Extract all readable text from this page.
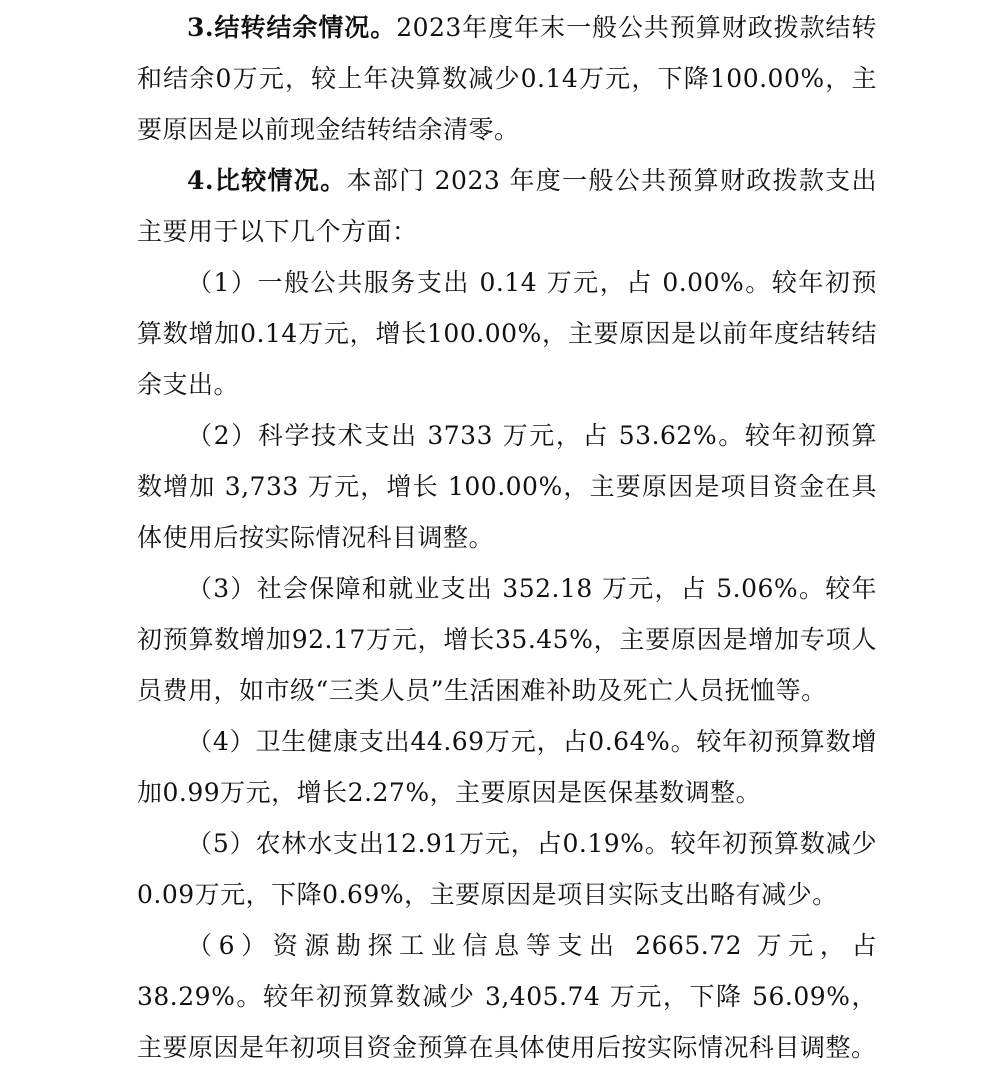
3.结转结余情况。2023年度年末一般公共预算财政拨款结转和结余0万元，较上年决算数减少0.14万元，下降100.00%，主要原因是以前现金结转结余清零。

4.比较情况。本部门 2023 年度一般公共预算财政拨款支出主要用于以下几个方面：

（1）一般公共服务支出 0.14 万元，占 0.00%。较年初预算数增加0.14万元，增长100.00%，主要原因是以前年度结转结余支出。

（2）科学技术支出 3733 万元，占 53.62%。较年初预算数增加 3,733 万元，增长 100.00%，主要原因是项目资金在具体使用后按实际情况科目调整。

（3）社会保障和就业支出 352.18 万元，占 5.06%。较年初预算数增加92.17万元，增长35.45%，主要原因是增加专项人员费用，如市级“三类人员”生活困难补助及死亡人员抚恤等。

（4）卫生健康支出44.69万元，占0.64%。较年初预算数增加0.99万元，增长2.27%，主要原因是医保基数调整。

（5）农林水支出12.91万元，占0.19%。较年初预算数减少0.09万元，下降0.69%，主要原因是项目实际支出略有减少。

（6）资源勘探工业信息等支出 2665.72 万元，占 38.29%。较年初预算数减少 3,405.74 万元，下降 56.09%，主要原因是年初项目资金预算在具体使用后按实际情况科目调整。
